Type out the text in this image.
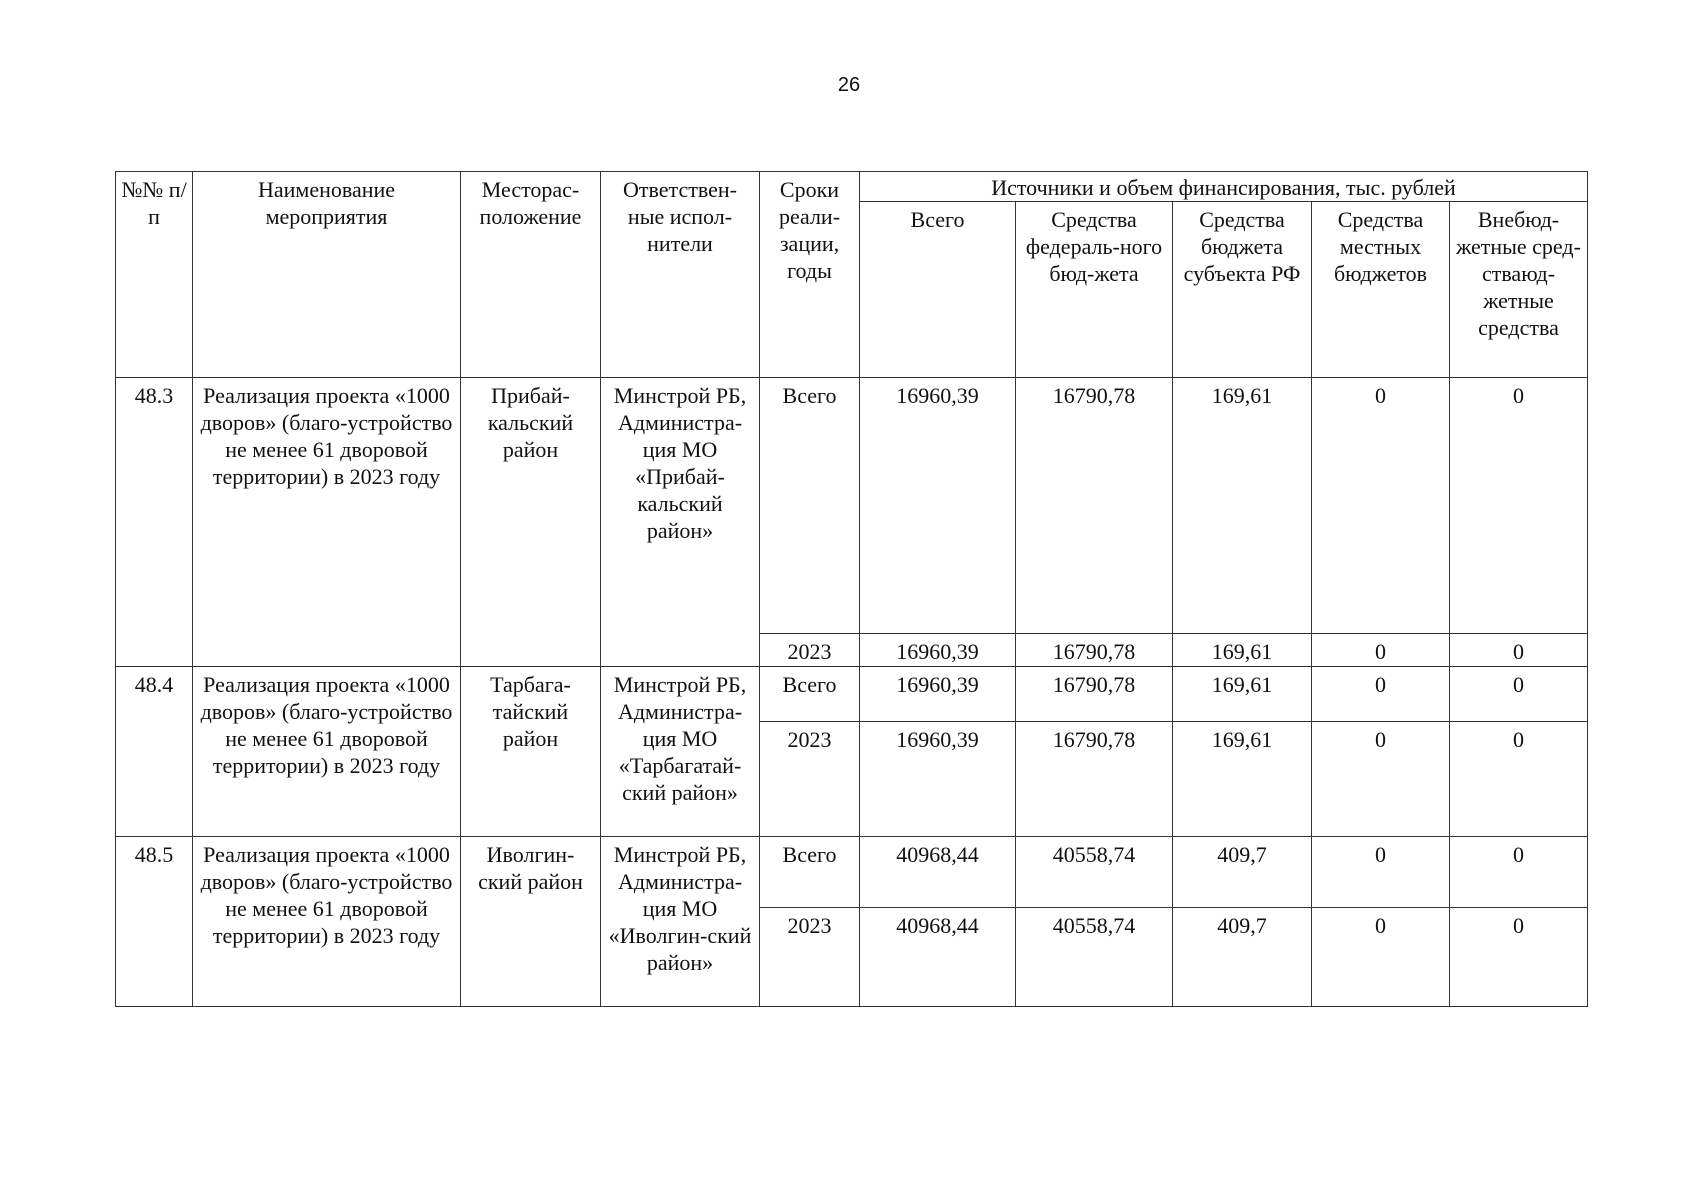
26
№№ п/п	Наименование мероприятия	Месторас-положение	Ответствен-ные испол-нители	Сроки реали-зации, годы	Источники и объем финансирования, тыс. рублей				
					Всего	Средства федераль-ного бюд-жета	Средства бюджета субъекта РФ	Средства местных бюджетов	Внебюд-жетные сред-стваюд-жетные средства
48.3	Реализация проекта «1000 дворов» (благо-устройство не менее 61 дворовой территории) в 2023 году	Прибай-кальский район	Минстрой РБ, Администра-ция МО «Прибай-кальский район»	Всего	16960,39	16790,78	169,61	0	0
				2023	16960,39	16790,78	169,61	0	0
48.4	Реализация проекта «1000 дворов» (благо-устройство не менее 61 дворовой территории) в 2023 году	Тарбага-тайский район	Минстрой РБ, Администра-ция МО «Тарбагатай-ский район»	Всего	16960,39	16790,78	169,61	0	0
				2023	16960,39	16790,78	169,61	0	0
48.5	Реализация проекта «1000 дворов» (благо-устройство не менее 61 дворовой территории) в 2023 году	Иволгин-ский район	Минстрой РБ, Администра-ция МО «Иволгин-ский район»	Всего	40968,44	40558,74	409,7	0	0
				2023	40968,44	40558,74	409,7	0	0
